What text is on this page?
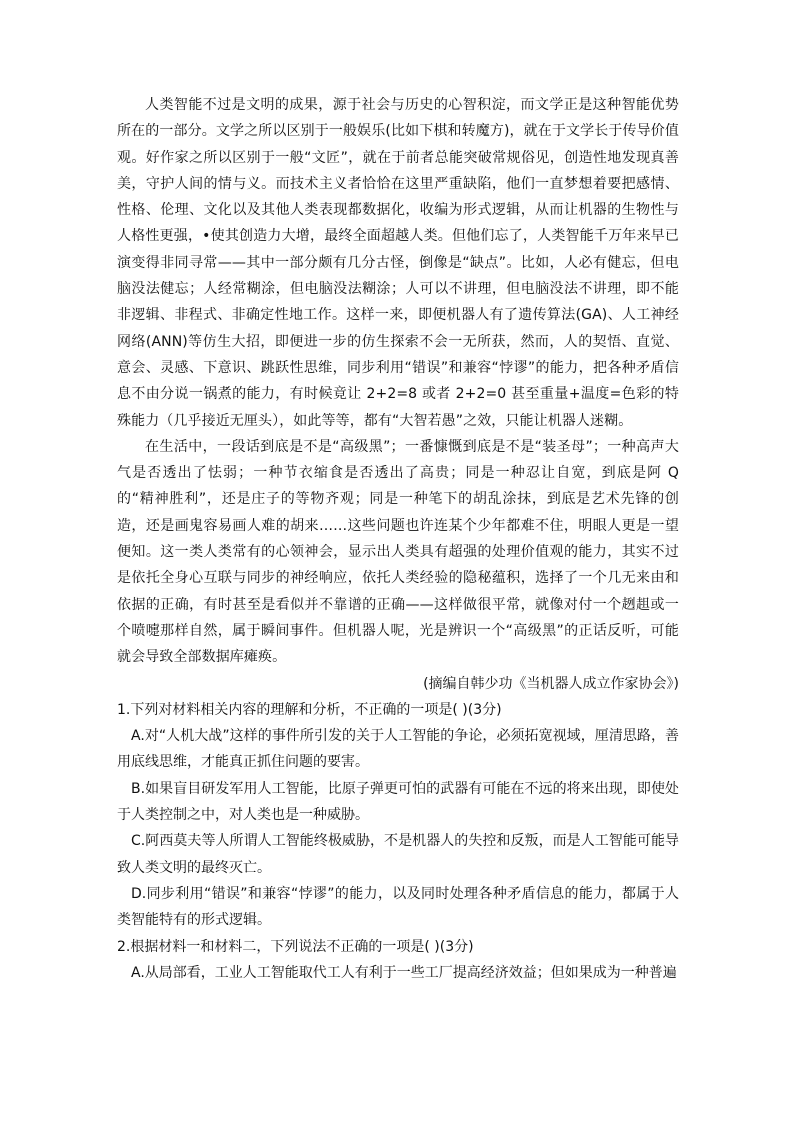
人类智能不过是文明的成果，源于社会与历史的心智积淀，而文学正是这种智能优势所在的一部分。文学之所以区别于一般娱乐(比如下棋和转魔方)，就在于文学长于传导价值观。好作家之所以区别于一般“文匠”，就在于前者总能突破常规俗见，创造性地发现真善美，守护人间的情与义。而技术主义者恰恰在这里严重缺陷，他们一直梦想着要把感情、性格、伦理、文化以及其他人类表现都数据化，收编为形式逻辑，从而让机器的生物性与人格性更强，•使其创造力大增，最终全面超越人类。但他们忘了，人类智能千万年来早已演变得非同寻常——其中一部分颇有几分古怪，倒像是“缺点”。比如，人必有健忘，但电脑没法健忘；人经常糊涂，但电脑没法糊涂；人可以不讲理，但电脑没法不讲理，即不能非逻辑、非程式、非确定性地工作。这样一来，即便机器人有了遗传算法(GA)、人工神经网络(ANN)等仿生大招，即便进一步的仿生探索不会一无所获，然而，人的契悟、直觉、意会、灵感、下意识、跳跃性思维，同步利用“错误”和兼容“悖谬”的能力，把各种矛盾信息不由分说一锅煮的能力，有时候竟让 2+2=8 或者 2+2=0 甚至重量+温度=色彩的特殊能力（几乎接近无厘头），如此等等，都有“大智若愚”之效，只能让机器人迷糊。

在生活中，一段话到底是不是“高级黑”；一番慷慨到底是不是“装圣母”；一种高声大气是否透出了怯弱；一种节衣缩食是否透出了高贵；同是一种忍让自宽，到底是阿 Q 的“精神胜利”，还是庄子的等物齐观；同是一种笔下的胡乱涂抹，到底是艺术先锋的创造，还是画鬼容易画人难的胡来……这些问题也许连某个少年都难不住，明眼人更是一望便知。这一类人类常有的心领神会，显示出人类具有超强的处理价值观的能力，其实不过是依托全身心互联与同步的神经响应，依托人类经验的隐秘蕴积，选择了一个几无来由和依据的正确，有时甚至是看似并不靠谱的正确——这样做很平常，就像对付一个趔趄或一个喷嚏那样自然，属于瞬间事件。但机器人呢，光是辨识一个“高级黑”的正话反听，可能就会导致全部数据库瘫痪。

(摘编自韩少功《当机器人成立作家协会》)

1.下列对材料相关内容的理解和分析，不正确的一项是( )(3分)

A.对“人机大战”这样的事件所引发的关于人工智能的争论，必须拓宽视域，厘清思路，善用底线思维，才能真正抓住问题的要害。

B.如果盲目研发军用人工智能，比原子弹更可怕的武器有可能在不远的将来出现，即使处于人类控制之中，对人类也是一种威胁。

C.阿西莫夫等人所谓人工智能终极威胁，不是机器人的失控和反叛，而是人工智能可能导致人类文明的最终灭亡。

D.同步利用“错误”和兼容“悖谬”的能力，以及同时处理各种矛盾信息的能力，都属于人类智能特有的形式逻辑。

2.根据材料一和材料二，下列说法不正确的一项是( )(3分)

A.从局部看，工业人工智能取代工人有利于一些工厂提高经济效益；但如果成为一种普遍
